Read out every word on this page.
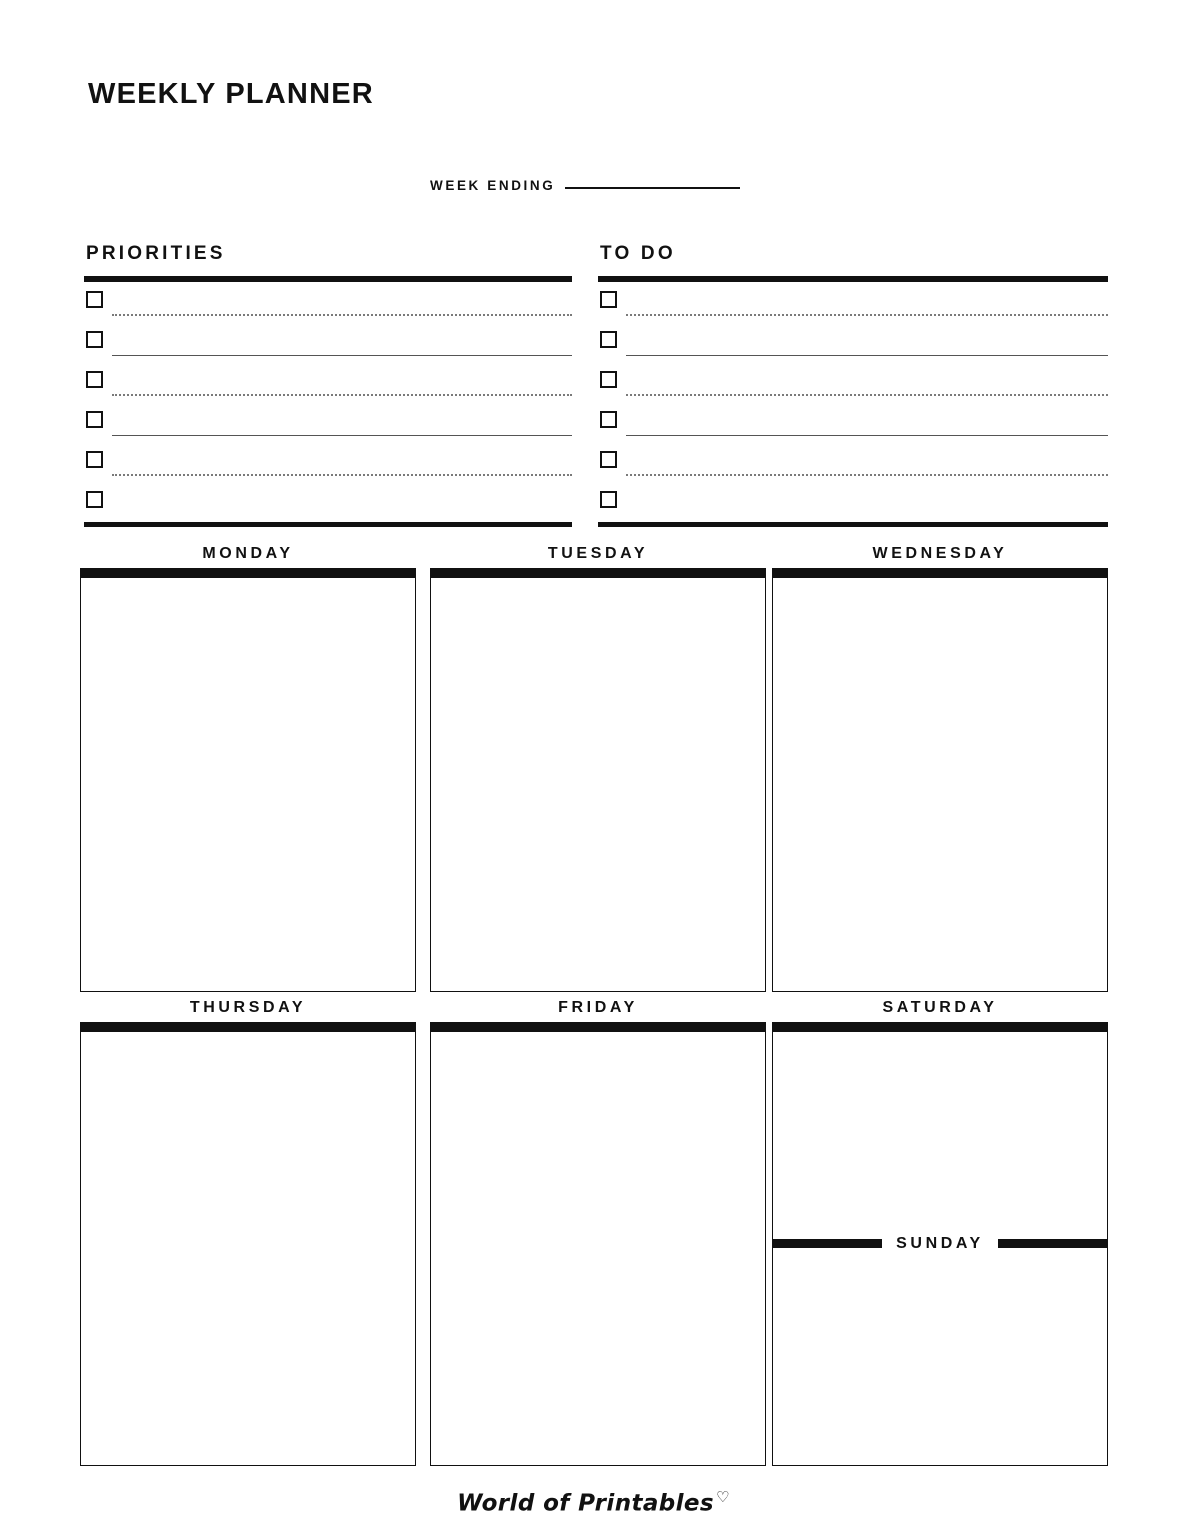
WEEKLY PLANNER
WEEK ENDING
PRIORITIES	TO DO
MONDAY	TUESDAY	WEDNESDAY
THURSDAY	FRIDAY	SATURDAY
SUNDAY
World of Printables ♡
